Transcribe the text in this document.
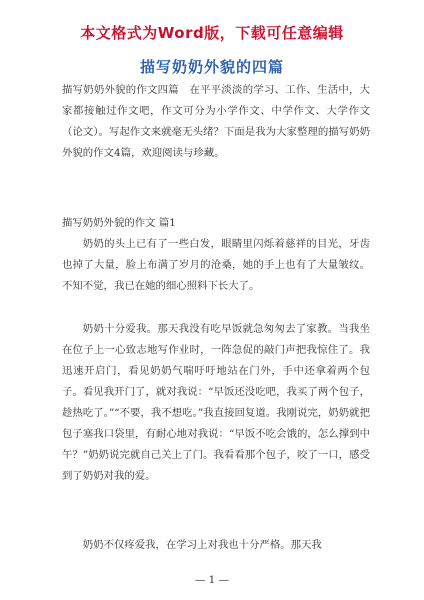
本文格式为Word版，下载可任意编辑
描写奶奶外貌的四篇
描写奶奶外貌的作文四篇　在平平淡淡的学习、工作、生活中，大家都接触过作文吧，作文可分为小学作文、中学作文、大学作文（论文）。写起作文来就毫无头绪？下面是我为大家整理的描写奶奶外貌的作文4篇，欢迎阅读与珍藏。
描写奶奶外貌的作文 篇1
奶奶的头上已有了一些白发，眼睛里闪烁着慈祥的目光，牙齿也掉了大量，脸上布满了岁月的沧桑，她的手上也有了大量皱纹。不知不觉，我已在她的细心照料下长大了。
奶奶十分爱我。那天我没有吃早饭就急匆匆去了家教。当我坐在位子上一心致志地写作业时，一阵急促的敲门声把我惊住了。我迅速开启门，看见奶奶气喘吁吁地站在门外，手中还拿着两个包子。看见我开门了，就对我说：“早饭还没吃吧，我买了两个包子，趁热吃了。”“不要，我不想吃。”我直接回复道。我刚说完，奶奶就把包子塞我口袋里，有耐心地对我说：“早饭不吃会饿的，怎么撑到中午？”奶奶说完就自己关上了门。我看看那个包子，咬了一口，感受到了奶奶对我的爱。
奶奶不仅疼爱我，在学习上对我也十分严格。那天我
— 1 —
